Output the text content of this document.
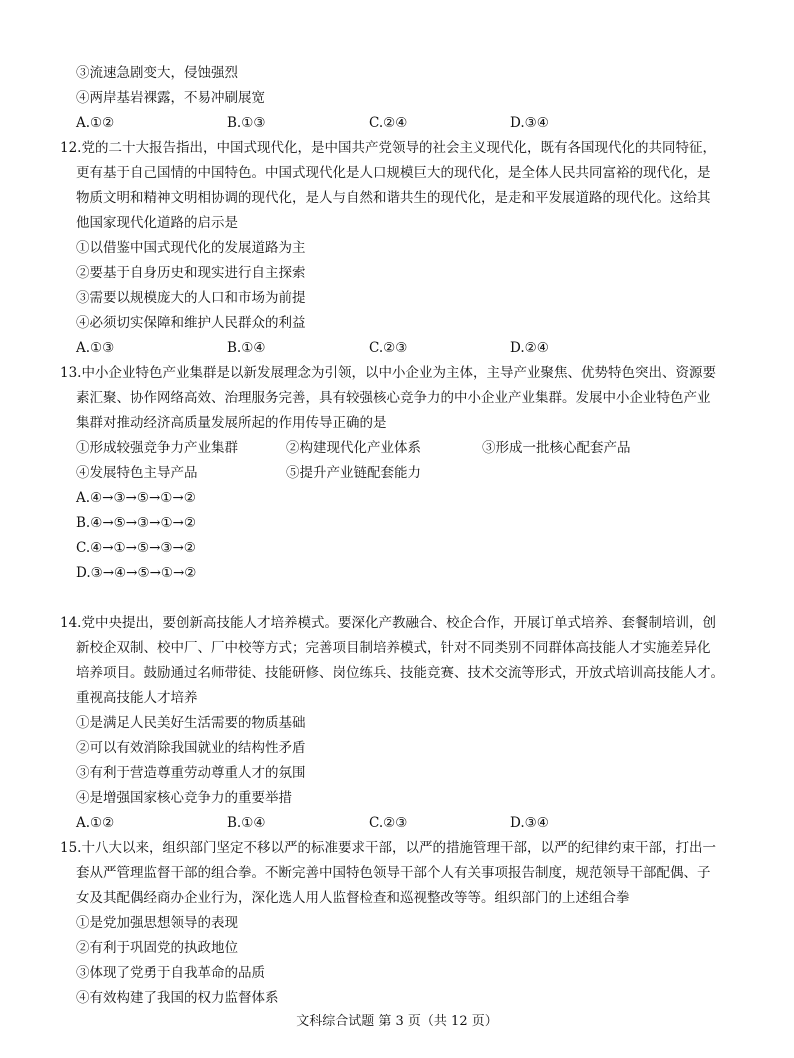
③流速急剧变大，侵蚀强烈
④两岸基岩裸露，不易冲刷展宽
A.①②	B.①③	C.②④	D.③④
12.党的二十大报告指出，中国式现代化，是中国共产党领导的社会主义现代化，既有各国现代化的共同特征，
更有基于自己国情的中国特色。中国式现代化是人口规模巨大的现代化，是全体人民共同富裕的现代化，是
物质文明和精神文明相协调的现代化，是人与自然和谐共生的现代化，是走和平发展道路的现代化。这给其
他国家现代化道路的启示是
①以借鉴中国式现代化的发展道路为主
②要基于自身历史和现实进行自主探索
③需要以规模庞大的人口和市场为前提
④必须切实保障和维护人民群众的利益
A.①③	B.①④	C.②③	D.②④
13.中小企业特色产业集群是以新发展理念为引领，以中小企业为主体，主导产业聚焦、优势特色突出、资源要
素汇聚、协作网络高效、治理服务完善，具有较强核心竞争力的中小企业产业集群。发展中小企业特色产业
集群对推动经济高质量发展所起的作用传导正确的是
①形成较强竞争力产业集群	②构建现代化产业体系	③形成一批核心配套产品
④发展特色主导产品	⑤提升产业链配套能力
A.④→③→⑤→①→②
B.④→⑤→③→①→②
C.④→①→⑤→③→②
D.③→④→⑤→①→②
14.党中央提出，要创新高技能人才培养模式。要深化产教融合、校企合作，开展订单式培养、套餐制培训，创
新校企双制、校中厂、厂中校等方式；完善项目制培养模式，针对不同类别不同群体高技能人才实施差异化
培养项目。鼓励通过名师带徒、技能研修、岗位练兵、技能竞赛、技术交流等形式，开放式培训高技能人才。
重视高技能人才培养
①是满足人民美好生活需要的物质基础
②可以有效消除我国就业的结构性矛盾
③有利于营造尊重劳动尊重人才的氛围
④是增强国家核心竞争力的重要举措
A.①②	B.①④	C.②③	D.③④
15.十八大以来，组织部门坚定不移以严的标准要求干部，以严的措施管理干部，以严的纪律约束干部，打出一
套从严管理监督干部的组合拳。不断完善中国特色领导干部个人有关事项报告制度，规范领导干部配偶、子
女及其配偶经商办企业行为，深化选人用人监督检查和巡视整改等等。组织部门的上述组合拳
①是党加强思想领导的表现
②有利于巩固党的执政地位
③体现了党勇于自我革命的品质
④有效构建了我国的权力监督体系
文科综合试题 第 3 页（共 12 页）
